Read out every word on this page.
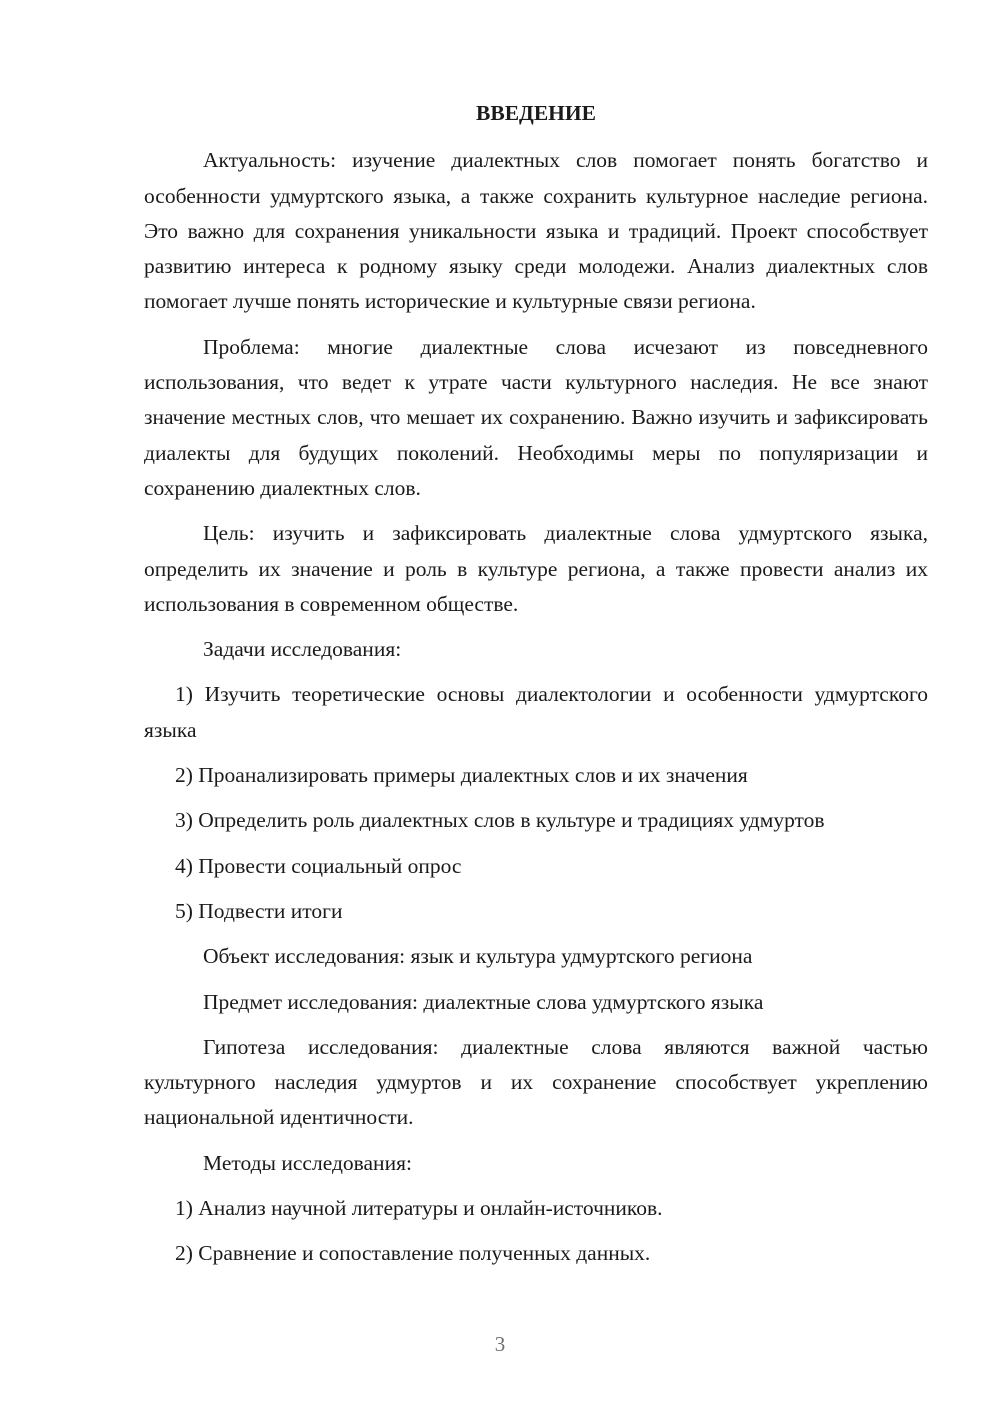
ВВЕДЕНИЕ
Актуальность: изучение диалектных слов помогает понять богатство и особенности удмуртского языка, а также сохранить культурное наследие региона. Это важно для сохранения уникальности языка и традиций. Проект способствует развитию интереса к родному языку среди молодежи. Анализ диалектных слов помогает лучше понять исторические и культурные связи региона.
Проблема: многие диалектные слова исчезают из повседневного использования, что ведет к утрате части культурного наследия. Не все знают значение местных слов, что мешает их сохранению. Важно изучить и зафиксировать диалекты для будущих поколений. Необходимы меры по популяризации и сохранению диалектных слов.
Цель: изучить и зафиксировать диалектные слова удмуртского языка, определить их значение и роль в культуре региона, а также провести анализ их использования в современном обществе.
Задачи исследования:
1) Изучить теоретические основы диалектологии и особенности удмуртского языка
2) Проанализировать примеры диалектных слов и их значения
3) Определить роль диалектных слов в культуре и традициях удмуртов
4) Провести социальный опрос
5) Подвести итоги
Объект исследования: язык и культура удмуртского региона
Предмет исследования: диалектные слова удмуртского языка
Гипотеза исследования: диалектные слова являются важной частью культурного наследия удмуртов и их сохранение способствует укреплению национальной идентичности.
Методы исследования:
1) Анализ научной литературы и онлайн-источников.
2) Сравнение и сопоставление полученных данных.
3
